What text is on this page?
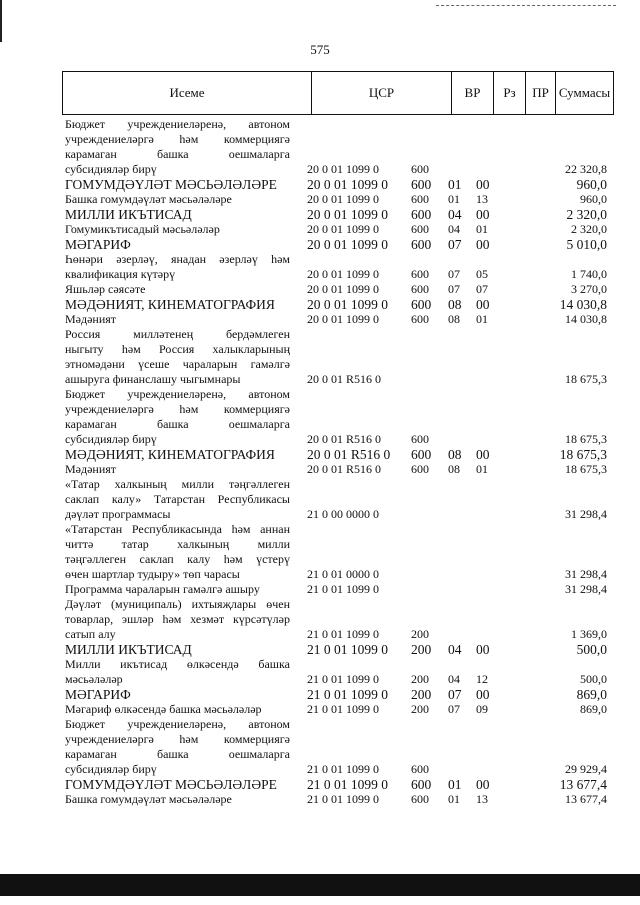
575
Исеме	ЦСР	ВР	Рз	ПР Суммасы
Бюджет учреждениеләренә, автоном
учреждениеләргә һәм коммерциягә
карамаган башка оешмаларга
субсидияләр бирү	20 0 01 1099 0	600	22 320,8
ГОМУМДӘҮЛӘТ МӘСЬӘЛӘЛӘРЕ	20 0 01 1099 0 600 01 00	960,0
Башка гомумдәүләт мәсьәләләре	20 0 01 1099 0	600 01 13	960,0
МИЛЛИ ИКЪТИСАД	20 0 01 1099 0 600 04 00	2 320,0
Гомумикътисадый мәсьәләләр	20 0 01 1099 0	600 04 01	2 320,0
МӘГАРИФ	20 0 01 1099 0 600 07 00	5 010,0
Һөнәри әзерләү, янадан әзерләү һәм
квалификация күтәрү	20 0 01 1099 0	600 07 05	1 740,0
Яшьләр сәясәте	20 0 01 1099 0	600 07 07	3 270,0
МӘДӘНИЯТ, КИНЕМАТОГРАФИЯ	20 0 01 1099 0 600 08 00	14 030,8
Мәдәният	20 0 01 1099 0	600 08 01	14 030,8
Россия милләтенең бердәмлеген
ныгыту һәм Россия халыкларының
этномәдәни үсеше чараларын гамәлгә
ашыруга финанслашу чыгымнары	20 0 01 R516 0	18 675,3
Бюджет учреждениеләренә, автоном
учреждениеләргә һәм коммерциягә
карамаган башка оешмаларга
субсидияләр бирү	20 0 01 R516 0 600	18 675,3
МӘДӘНИЯТ, КИНЕМАТОГРАФИЯ	20 0 01 R516 0 600 08 00	18 675,3
Мәдәният	20 0 01 R516 0 600 08 01	18 675,3
«Татар халкының милли тәңгәллеген
саклап калу» Татарстан Республикасы
дәүләт программасы	21 0 00 0000 0	31 298,4
«Татарстан Республикасында һәм аннан
читтә татар халкының милли
тәңгәллеген саклап калу һәм үстерү
өчен шартлар тудыру» төп чарасы	21 0 01 0000 0	31 298,4
Программа чараларын гамәлгә ашыру	21 0 01 1099 0	31 298,4
Дәүләт (муниципаль) ихтыяҗлары өчен
товарлар, эшләр һәм хезмәт күрсәтүләр
сатып алу	21 0 01 1099 0	200	1 369,0
МИЛЛИ ИКЪТИСАД	21 0 01 1099 0 200 04 00	500,0
Милли икътисад өлкәсендә башка
мәсьәләләр	21 0 01 1099 0	200 04 12	500,0
МӘГАРИФ	21 0 01 1099 0 200 07 00	869,0
Мәгариф өлкәсендә башка мәсьәләләр	21 0 01 1099 0	200 07 09	869,0
Бюджет учреждениеләренә, автоном
учреждениеләргә һәм коммерциягә
карамаган башка оешмаларга
субсидияләр бирү	21 0 01 1099 0	600	29 929,4
ГОМУМДӘҮЛӘТ МӘСЬӘЛӘЛӘРЕ	21 0 01 1099 0 600 01 00	13 677,4
Башка гомумдәүләт мәсьәләләре	21 0 01 1099 0	600 01 13	13 677,4
